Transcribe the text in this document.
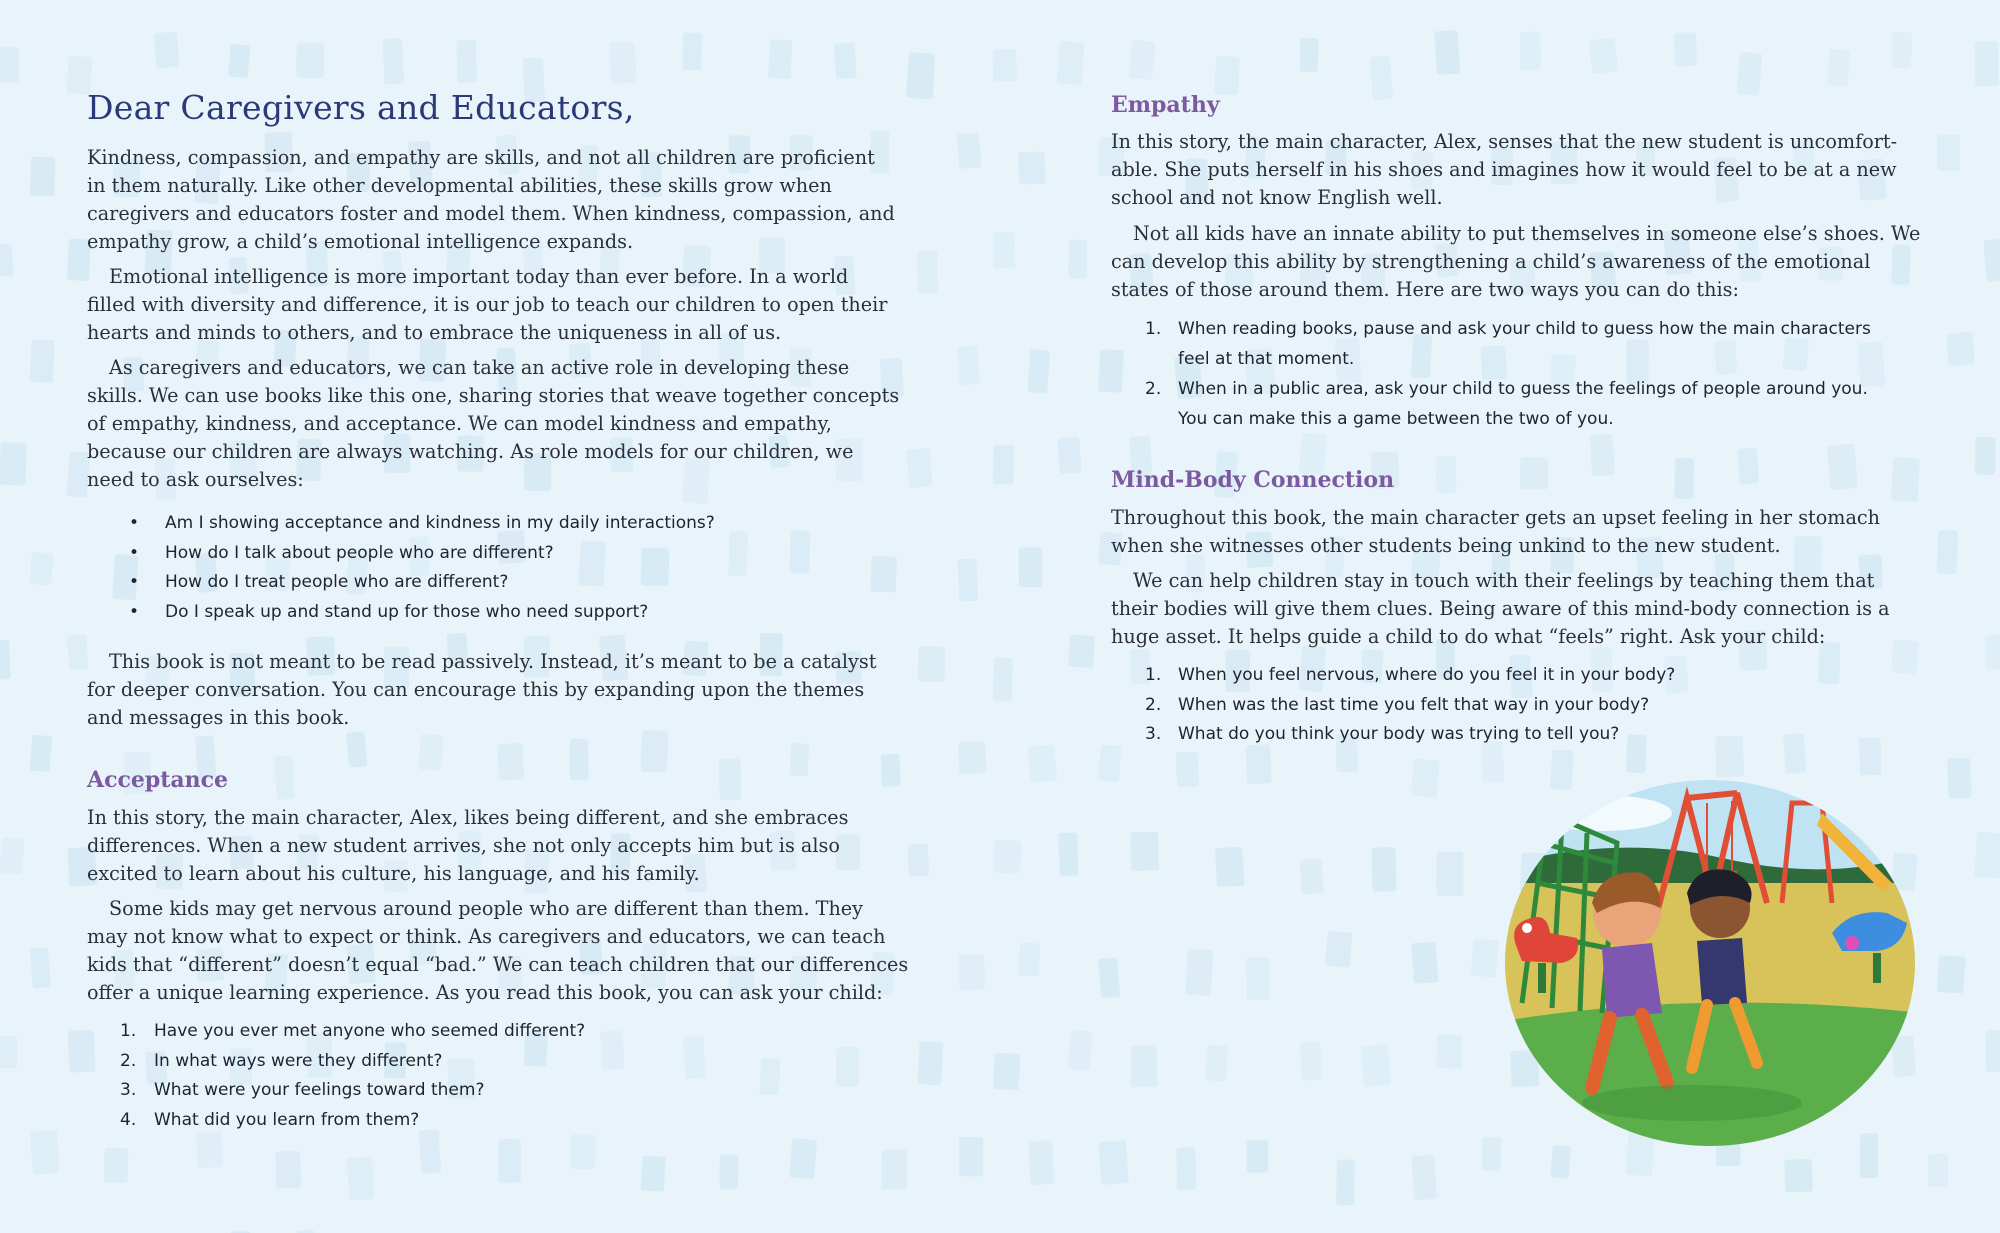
Dear Caregivers and Educators,

Kindness, compassion, and empathy are skills, and not all children are proficient
in them naturally. Like other developmental abilities, these skills grow when
caregivers and educators foster and model them. When kindness, compassion, and
empathy grow, a child’s emotional intelligence expands.

Emotional intelligence is more important today than ever before. In a world
filled with diversity and difference, it is our job to teach our children to open their
hearts and minds to others, and to embrace the uniqueness in all of us.

As caregivers and educators, we can take an active role in developing these
skills. We can use books like this one, sharing stories that weave together concepts
of empathy, kindness, and acceptance. We can model kindness and empathy,
because our children are always watching. As role models for our children, we
need to ask ourselves:

•	Am I showing acceptance and kindness in my daily interactions?
•	How do I talk about people who are different?
•	How do I treat people who are different?
•	Do I speak up and stand up for those who need support?

This book is not meant to be read passively. Instead, it’s meant to be a catalyst
for deeper conversation. You can encourage this by expanding upon the themes
and messages in this book.

Acceptance

In this story, the main character, Alex, likes being different, and she embraces
differences. When a new student arrives, she not only accepts him but is also
excited to learn about his culture, his language, and his family.

Some kids may get nervous around people who are different than them. They
may not know what to expect or think. As caregivers and educators, we can teach
kids that “different” doesn’t equal “bad.” We can teach children that our differences
offer a unique learning experience. As you read this book, you can ask your child:

1.	Have you ever met anyone who seemed different?
2.	In what ways were they different?
3.	What were your feelings toward them?
4.	What did you learn from them?
Empathy

In this story, the main character, Alex, senses that the new student is uncomfort-
able. She puts herself in his shoes and imagines how it would feel to be at a new
school and not know English well.

Not all kids have an innate ability to put themselves in someone else’s shoes. We
can develop this ability by strengthening a child’s awareness of the emotional
states of those around them. Here are two ways you can do this:

1. When reading books, pause and ask your child to guess how the main characters
feel at that moment.
2. When in a public area, ask your child to guess the feelings of people around you.
You can make this a game between the two of you.
Mind-Body Connection

Throughout this book, the main character gets an upset feeling in her stomach
when she witnesses other students being unkind to the new student.

We can help children stay in touch with their feelings by teaching them that
their bodies will give them clues. Being aware of this mind-body connection is a
huge asset. It helps guide a child to do what “feels” right. Ask your child:

1. When you feel nervous, where do you feel it in your body?
2. When was the last time you felt that way in your body?
3. What do you think your body was trying to tell you?
